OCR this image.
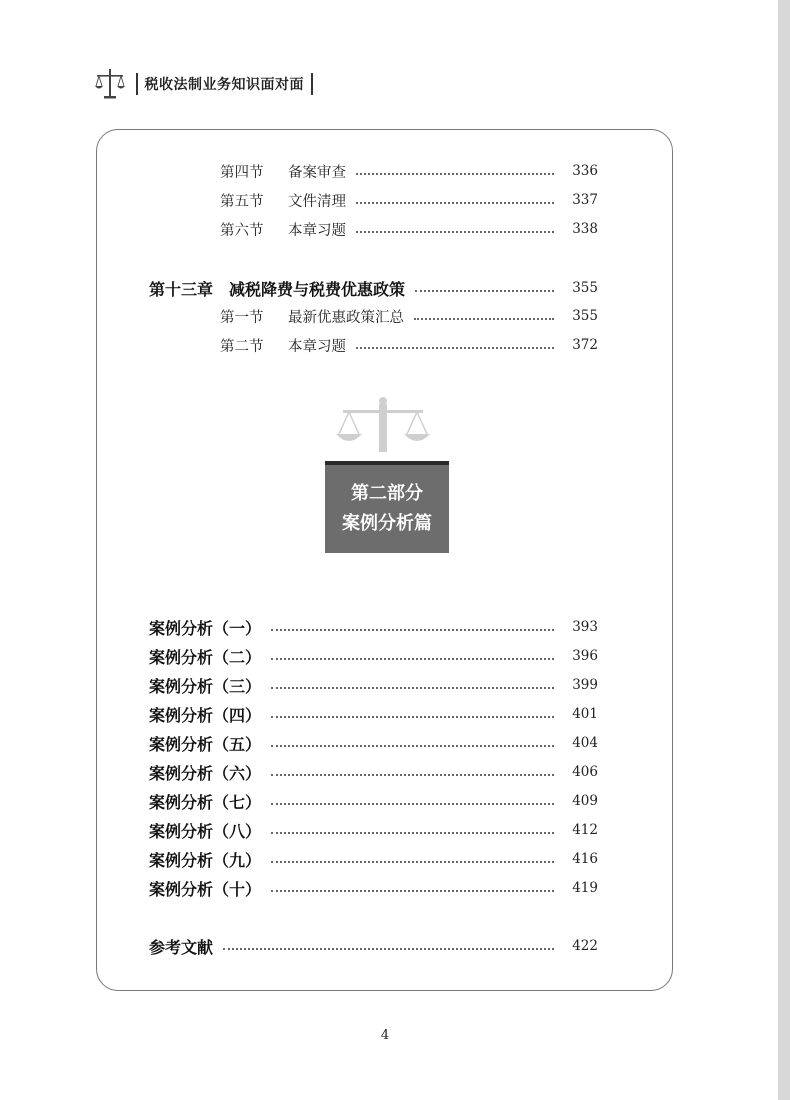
税收法制业务知识面对面
第四节 备案审查	336
第五节 文件清理	337
第六节 本章习题	338
第十三章 减税降费与税费优惠政策	355
第一节 最新优惠政策汇总	355
第二节 本章习题	372
第二部分
案例分析篇
案例分析（一）	393
案例分析（二）	396
案例分析（三）	399
案例分析（四）	401
案例分析（五）	404
案例分析（六）	406
案例分析（七）	409
案例分析（八）	412
案例分析（九）	416
案例分析（十）	419
参考文献	422
4
